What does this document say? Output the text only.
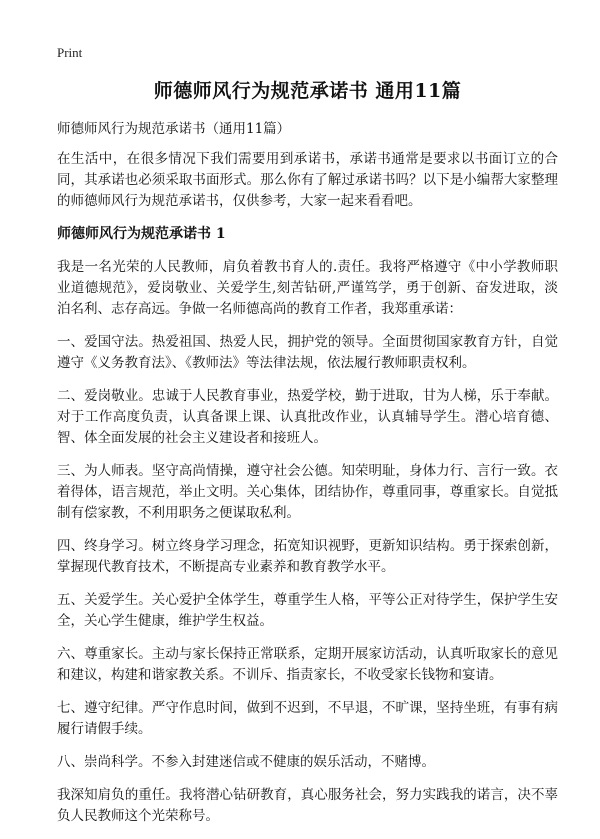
Print
师德师风行为规范承诺书 通用11篇

师德师风行为规范承诺书（通用11篇）

在生活中，在很多情况下我们需要用到承诺书，承诺书通常是要求以书面订立的合同，其承诺也必须采取书面形式。那么你有了解过承诺书吗？以下是小编帮大家整理的师德师风行为规范承诺书，仅供参考，大家一起来看看吧。

师德师风行为规范承诺书 1

我是一名光荣的人民教师，肩负着教书育人的.责任。我将严格遵守《中小学教师职业道德规范》，爱岗敬业、关爱学生,刻苦钻研,严谨笃学，勇于创新、奋发进取，淡泊名利、志存高远。争做一名师德高尚的教育工作者，我郑重承诺：

一、爱国守法。热爱祖国、热爱人民，拥护党的领导。全面贯彻国家教育方针，自觉遵守《义务教育法》、《教师法》等法律法规，依法履行教师职责权利。

二、爱岗敬业。忠诚于人民教育事业，热爱学校，勤于进取，甘为人梯，乐于奉献。对于工作高度负责，认真备课上课、认真批改作业，认真辅导学生。潜心培育德、智、体全面发展的社会主义建设者和接班人。

三、为人师表。坚守高尚情操，遵守社会公德。知荣明耻，身体力行、言行一致。衣着得体，语言规范，举止文明。关心集体，团结协作，尊重同事，尊重家长。自觉抵制有偿家教，不利用职务之便谋取私利。

四、终身学习。树立终身学习理念，拓宽知识视野，更新知识结构。勇于探索创新，掌握现代教育技术，不断提高专业素养和教育教学水平。

五、关爱学生。关心爱护全体学生，尊重学生人格，平等公正对待学生，保护学生安全，关心学生健康，维护学生权益。

六、尊重家长。主动与家长保持正常联系，定期开展家访活动，认真听取家长的意见和建议，构建和谐家教关系。不训斥、指责家长，不收受家长钱物和宴请。

七、遵守纪律。严守作息时间，做到不迟到，不早退，不旷课，坚持坐班，有事有病履行请假手续。

八、崇尚科学。不参入封建迷信或不健康的娱乐活动，不赌博。

我深知肩负的重任。我将潜心钻研教育，真心服务社会，努力实践我的诺言，决不辜负人民教师这个光荣称号。
